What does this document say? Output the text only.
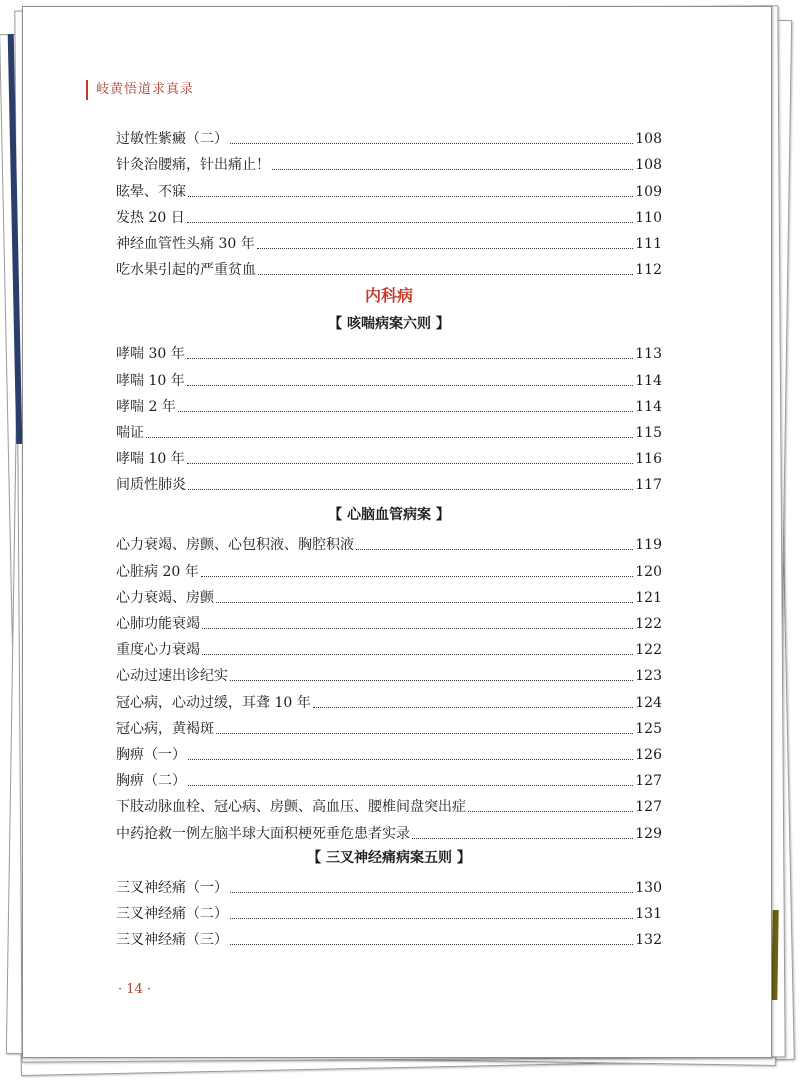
岐黄悟道求真录
过敏性紫癜（二）	108
针灸治腰痛，针出痛止！	108
眩晕、不寐	109
发热 20 日	110
神经血管性头痛 30 年	111
吃水果引起的严重贫血	112
内科病
【 咳喘病案六则 】
哮喘 30 年	113
哮喘 10 年	114
哮喘 2 年	114
喘证	115
哮喘 10 年	116
间质性肺炎	117
【 心脑血管病案 】
心力衰竭、房颤、心包积液、胸腔积液	119
心脏病 20 年	120
心力衰竭、房颤	121
心肺功能衰竭	122
重度心力衰竭	122
心动过速出诊纪实	123
冠心病，心动过缓，耳聋 10 年	124
冠心病，黄褐斑	125
胸痹（一）	126
胸痹（二）	127
下肢动脉血栓、冠心病、房颤、高血压、腰椎间盘突出症	127
中药抢救一例左脑半球大面积梗死垂危患者实录	129
【 三叉神经痛病案五则 】
三叉神经痛（一）	130
三叉神经痛（二）	131
三叉神经痛（三）	132
· 14 ·
